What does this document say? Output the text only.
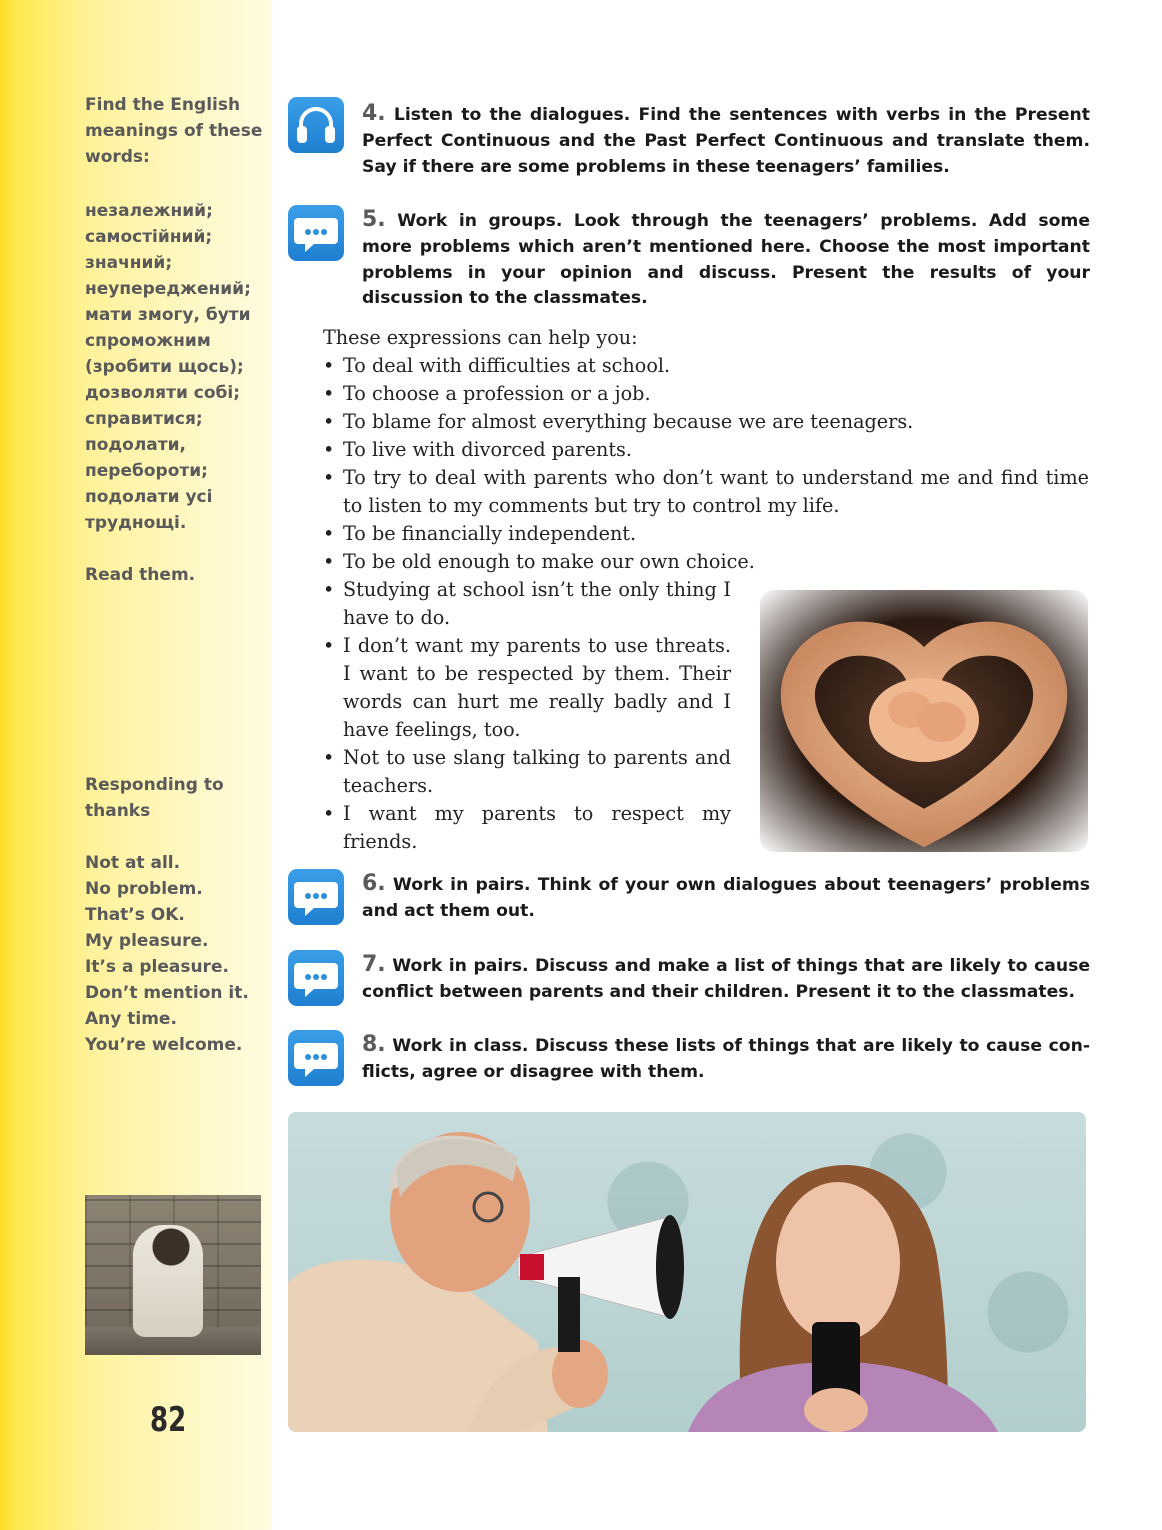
Find the English
meanings of these
words:
незалежний;
самостійний;
значний;
неупереджений;
мати змогу, бути
спроможним
(зробити щось);
дозволяти собі;
справитися;
подолати,
перебороти;
подолати усі
труднощі.
Read them.
Responding to
thanks
Not at all.
No problem.
That’s OK.
My pleasure.
It’s a pleasure.
Don’t mention it.
Any time.
You’re welcome.
82
4. Listen to the dialogues. Find the sentences with verbs in the Present Perfect Continuous and the Past Perfect Continuous and translate them. Say if there are some problems in these teenagers’ families.
5. Work in groups. Look through the teenagers’ problems. Add some more problems which aren’t mentioned here. Choose the most important problems in your opinion and discuss. Present the results of your discussion to the classmates.
These expressions can help you:
• To deal with difficulties at school.
• To choose a profession or a job.
• To blame for almost everything because we are teenagers.
• To live with divorced parents.
• To try to deal with parents who don’t want to understand me and find time to listen to my comments but try to control my life.
• To be financially independent.
• To be old enough to make our own choice.
• Studying at school isn’t the only thing I have to do.
• I don’t want my parents to use threats. I want to be respected by them. Their words can hurt me really badly and I have feelings, too.
• Not to use slang talking to parents and teachers.
• I want my parents to respect my friends.
6. Work in pairs. Think of your own dialogues about teenagers’ problems and act them out.
7. Work in pairs. Discuss and make a list of things that are likely to cause conflict between parents and their children. Present it to the classmates.
8. Work in class. Discuss these lists of things that are likely to cause conflicts, agree or disagree with them.
